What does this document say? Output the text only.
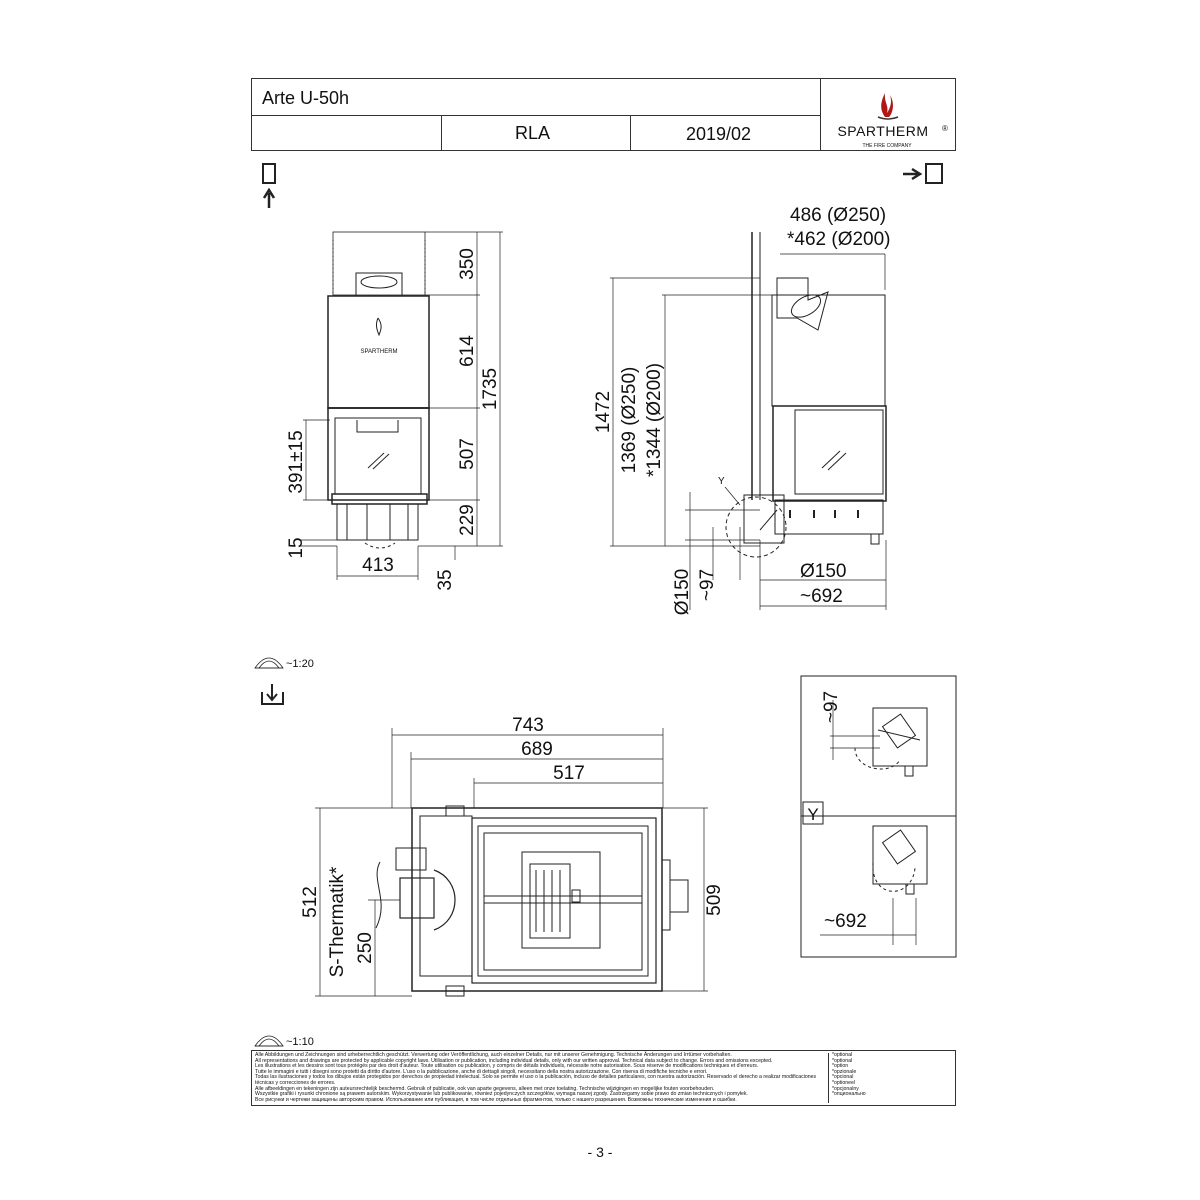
Arte U-50h
RLA	2019/02	SPARTHERM ®
THE FIRE COMPANY
SPARTHERM
350
614
1735
507
229
391±15
15
413
35
486 (Ø250)
*462 (Ø200)
1472 1369 (Ø250) *1344 (Ø200)
Ø150 ~97	Ø150
~692
Y
~1:20
743
689
517
512 S-Thermatik* 250
509
~97
Y
~692
~1:10
Alle Abbildungen und Zeichnungen sind urheberrechtlich geschützt. Verwertung oder Veröffentlichung, auch einzelner Details, nur mit unserer Genehmigung. Technische Änderungen und Irrtümer vorbehalten.
All representations and drawings are protected by applicable copyright laws. Utilisation or publication, including individual details, only with our written approval. Technical data subject to change. Errors and omissions excepted.
Les illustrations et les dessins sont tous protégés par des droit d'auteur. Toute utilisation ou publication, y compris de détails individuels, nécessite notre autorisation. Sous réserve de modifications techniques et d'erreurs.
Tutte le immagini e tutti i disegni sono protetti da diritto d'autore. L'uso o la pubblicazione, anche di dettagli singoli, necessitano della nostra autorizzazione. Con riserva di modifiche tecniche e errori.
Todas las ilustraciones y todos los dibujos están protegidos por derechos de propiedad intelectual. Solo se permite el uso o la publicación, incluso de detalles particulares, con nuestra autorización. Reservado el derecho a realizar modificaciones técnicas y correcciones de errores.
Alle afbeeldingen en tekeningen zijn auteursrechtelijk beschermd. Gebruik of publicatie, ook van aparte gegevens, alleen met onze toelating. Technische wijzigingen en mogelijke fouten voorbehouden.
Wszystkie grafiki i rysunki chronione są prawem autorskim. Wykorzystywanie lub publikowanie, również pojedynczych szczegółów, wymaga naszej zgody. Zastrzegamy sobie prawo do zmian technicznych i pomyłek.
Все рисунки и чертежи защищены авторским правом. Использование или публикация, в том числе отдельных фрагментов, только с нашего разрешения. Возможны технические изменения и ошибки.
*optional
*optional
*option
*opzionale
*opcional
*optioneel
*opcjonalny
*опционально
- 3 -
